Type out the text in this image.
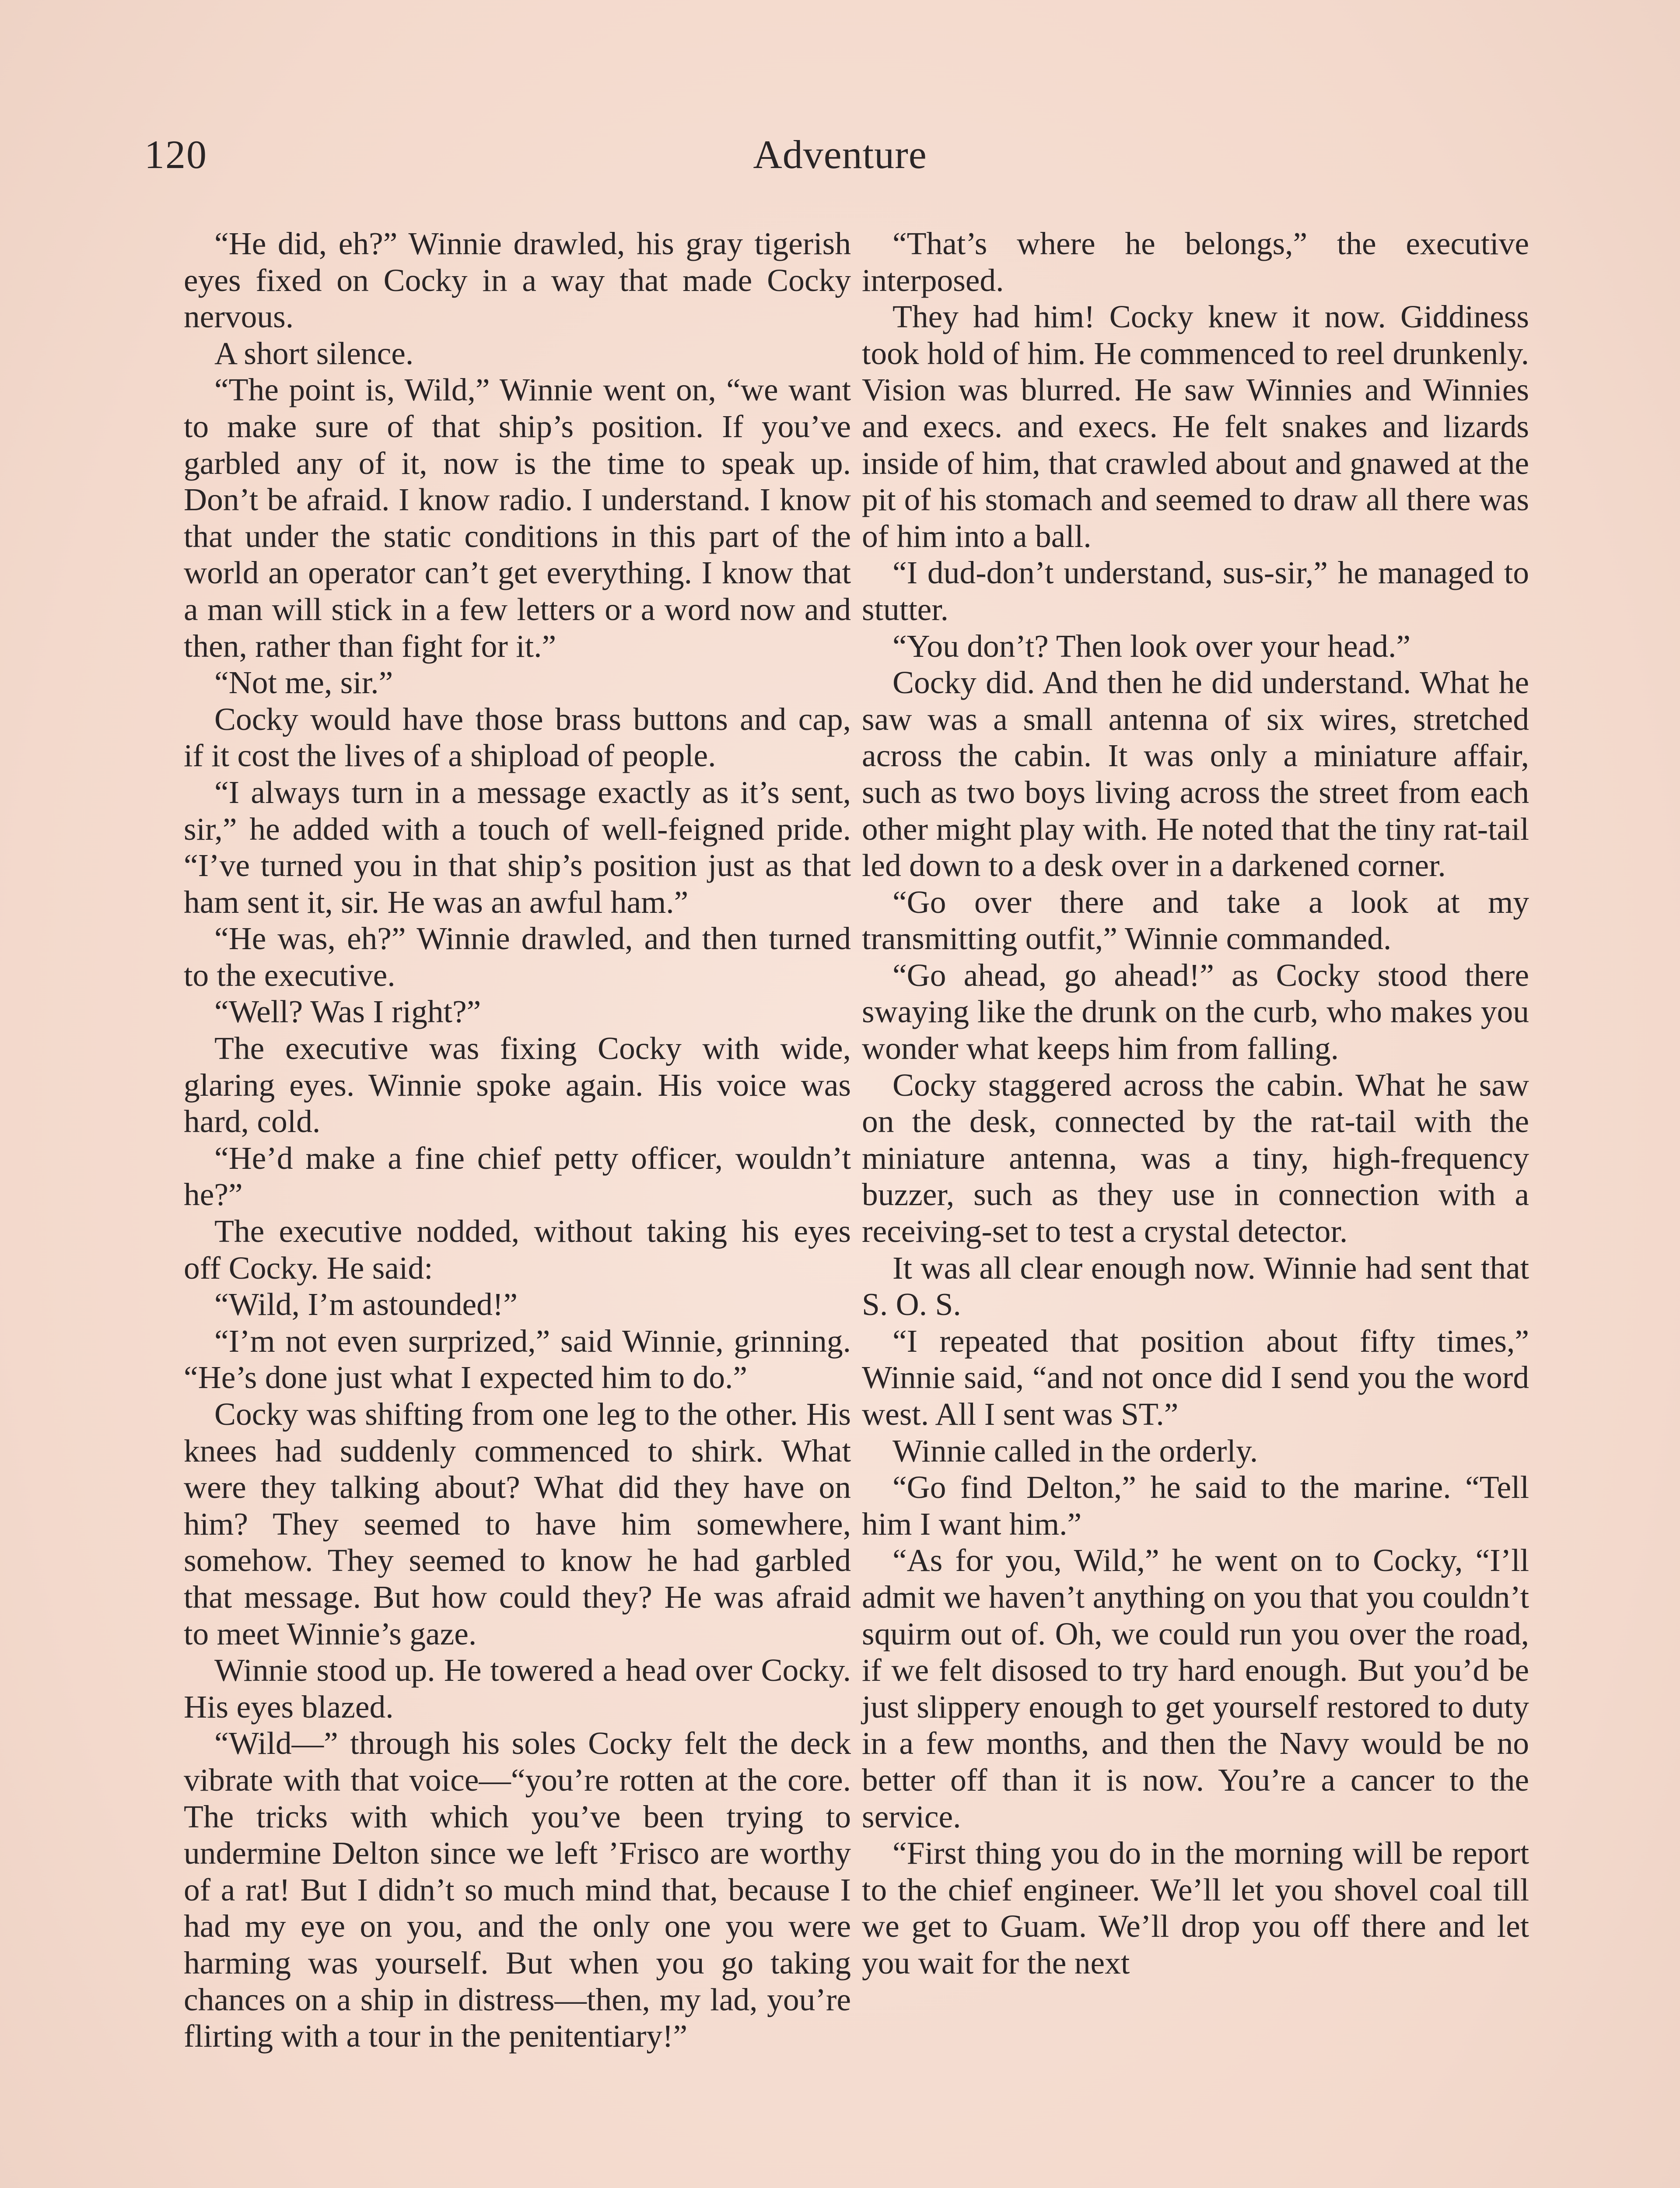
120	Adventure

“He did, eh?” Winnie drawled, his gray tigerish eyes fixed on Cocky in a way that made Cocky nervous.

A short silence.

“The point is, Wild,” Winnie went on, “we want to make sure of that ship’s position. If you’ve garbled any of it, now is the time to speak up. Don’t be afraid. I know radio. I understand. I know that under the static conditions in this part of the world an operator can’t get everything. I know that a man will stick in a few letters or a word now and then, rather than fight for it.”

“Not me, sir.”

Cocky would have those brass buttons and cap, if it cost the lives of a shipload of people.

“I always turn in a message exactly as it’s sent, sir,” he added with a touch of well-feigned pride. “I’ve turned you in that ship’s position just as that ham sent it, sir. He was an awful ham.”

“He was, eh?” Winnie drawled, and then turned to the executive.

“Well? Was I right?”

The executive was fixing Cocky with wide, glaring eyes. Winnie spoke again. His voice was hard, cold.

“He’d make a fine chief petty officer, wouldn’t he?”

The executive nodded, without taking his eyes off Cocky. He said:

“Wild, I’m astounded!”

“I’m not even surprized,” said Winnie, grinning. “He’s done just what I expected him to do.”

Cocky was shifting from one leg to the other. His knees had suddenly commenced to shirk. What were they talking about? What did they have on him? They seemed to have him somewhere, somehow. They seemed to know he had garbled that message. But how could they? He was afraid to meet Winnie’s gaze.

Winnie stood up. He towered a head over Cocky. His eyes blazed.

“Wild—” through his soles Cocky felt the deck vibrate with that voice—“you’re rotten at the core. The tricks with which you’ve been trying to undermine Delton since we left ’Frisco are worthy of a rat! But I didn’t so much mind that, because I had my eye on you, and the only one you were harming was yourself. But when you go taking chances on a ship in distress—then, my lad, you’re flirting with a tour in the penitentiary!”

“That’s where he belongs,” the executive interposed.

They had him! Cocky knew it now. Giddiness took hold of him. He commenced to reel drunkenly. Vision was blurred. He saw Winnies and Winnies and execs. and execs. He felt snakes and lizards inside of him, that crawled about and gnawed at the pit of his stomach and seemed to draw all there was of him into a ball.

“I dud-don’t understand, sus-sir,” he managed to stutter.

“You don’t? Then look over your head.”

Cocky did. And then he did understand. What he saw was a small antenna of six wires, stretched across the cabin. It was only a miniature affair, such as two boys living across the street from each other might play with. He noted that the tiny rat-tail led down to a desk over in a darkened corner.

“Go over there and take a look at my transmitting outfit,” Winnie commanded.

“Go ahead, go ahead!” as Cocky stood there swaying like the drunk on the curb, who makes you wonder what keeps him from falling.

Cocky staggered across the cabin. What he saw on the desk, connected by the rat-tail with the miniature antenna, was a tiny, high-frequency buzzer, such as they use in connection with a receiving-set to test a crystal detector.

It was all clear enough now. Winnie had sent that S. O. S.

“I repeated that position about fifty times,” Winnie said, “and not once did I send you the word west. All I sent was ST.”

Winnie called in the orderly.

“Go find Delton,” he said to the marine. “Tell him I want him.”

“As for you, Wild,” he went on to Cocky, “I’ll admit we haven’t anything on you that you couldn’t squirm out of. Oh, we could run you over the road, if we felt disosed to try hard enough. But you’d be just slippery enough to get yourself restored to duty in a few months, and then the Navy would be no better off than it is now. You’re a cancer to the service.

“First thing you do in the morning will be report to the chief engineer. We’ll let you shovel coal till we get to Guam. We’ll drop you off there and let you wait for the next
